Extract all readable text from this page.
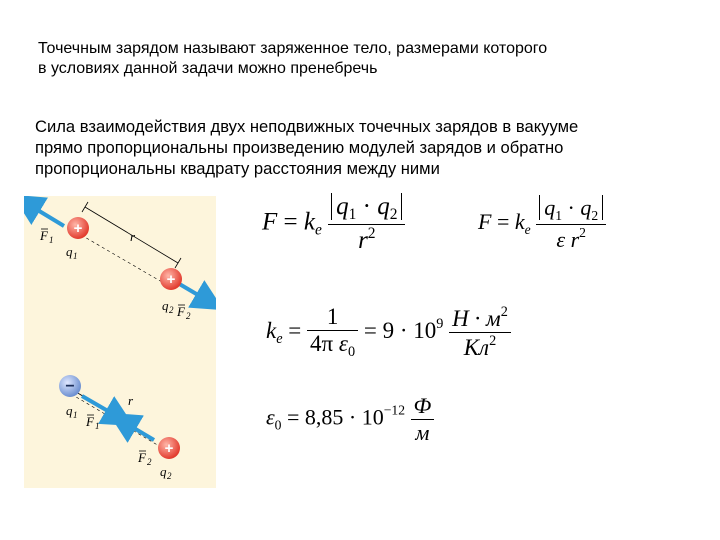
Точечным зарядом называют заряженное тело, размерами которого
в условиях данной задачи можно пренебречь

Сила взаимодействия двух неподвижных точечных зарядов в вакууме
прямо пропорциональны произведению модулей зарядов и обратно
пропорциональны квадрату расстояния между ними

+
+
F 1
q 1
r
q 2 F 2
−
+
q 1 F 1
r
F 2
q 2
$F = k_e \frac{q_1 \cdot q_2}{r^2}$	$F = k_e \frac{q_1 \cdot q_2}{\varepsilon r^2}$
$k_e = \frac{1}{4\pi \varepsilon_0} = 9 \cdot 10^9 \frac{Н \cdot м^2}{Кл^2}$
$\varepsilon_0 = 8,85 \cdot 10^{-12} \frac{Ф}{м}$
